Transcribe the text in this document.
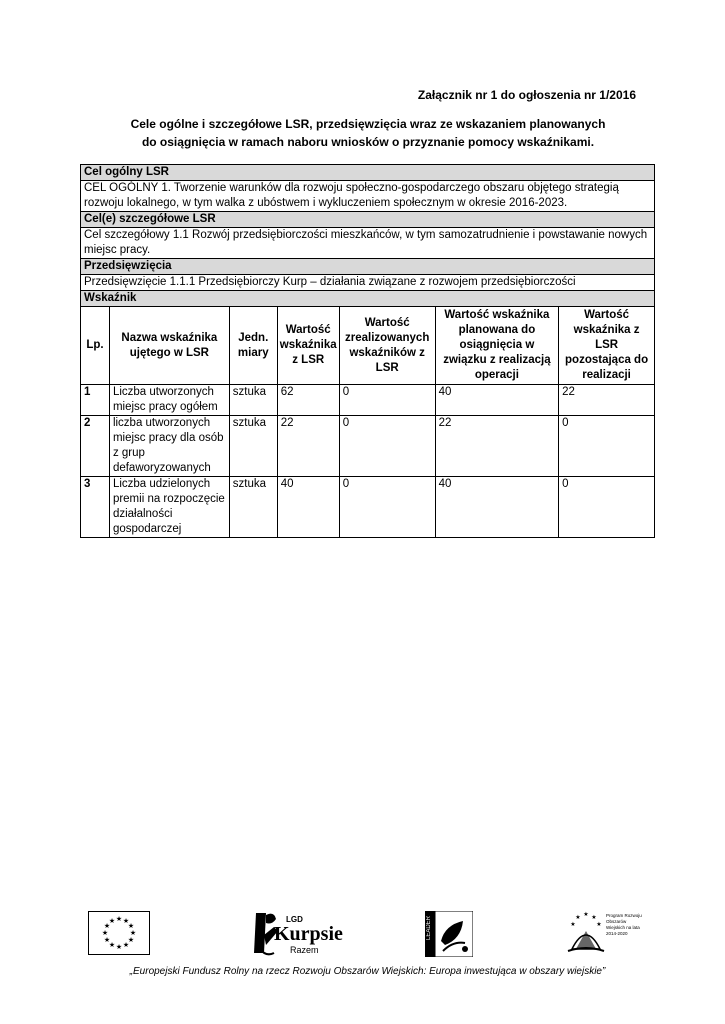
Załącznik nr 1 do ogłoszenia nr 1/2016
Cele ogólne i szczegółowe LSR, przedsięwzięcia wraz ze wskazaniem planowanych
do osiągnięcia w ramach naboru wniosków o przyznanie pomocy wskaźnikami.
Cel ogólny LSR						
CEL OGÓLNY 1. Tworzenie warunków dla rozwoju społeczno-gospodarczego obszaru objętego strategią rozwoju lokalnego, w tym walka z ubóstwem i wykluczeniem społecznym w okresie 2016-2023.						
Cel(e) szczegółowe LSR						
Cel szczegółowy 1.1 Rozwój przedsiębiorczości mieszkańców, w tym samozatrudnienie i powstawanie nowych miejsc pracy.						
Przedsięwzięcia						
Przedsięwzięcie 1.1.1 Przedsiębiorczy Kurp – działania związane z rozwojem przedsiębiorczości						
Wskaźnik						
Lp.	Nazwa wskaźnika ujętego w LSR	Jedn. miary	Wartość wskaźnika z LSR	Wartość zrealizowanych wskaźników z LSR	Wartość wskaźnika planowana do osiągnięcia w związku z realizacją operacji	Wartość wskaźnika z LSR pozostająca do realizacji
1	Liczba utworzonych miejsc pracy ogółem	sztuka	62	0	40	22
2	liczba utworzonych miejsc pracy dla osób z grup defaworyzowanych	sztuka	22	0	22	0
3	Liczba udzielonych premii na rozpoczęcie działalności gospodarczej	sztuka	40	0	40	0
★ ★
★
★
★
★
★
★
★
★
★
★	LGD
Kurpsie
Razem
LEADER
★ ★
★
★
★
Program Rozwoju Obszarów Wiejskich na lata 2014-2020
„Europejski Fundusz Rolny na rzecz Rozwoju Obszarów Wiejskich: Europa inwestująca w obszary wiejskie”
